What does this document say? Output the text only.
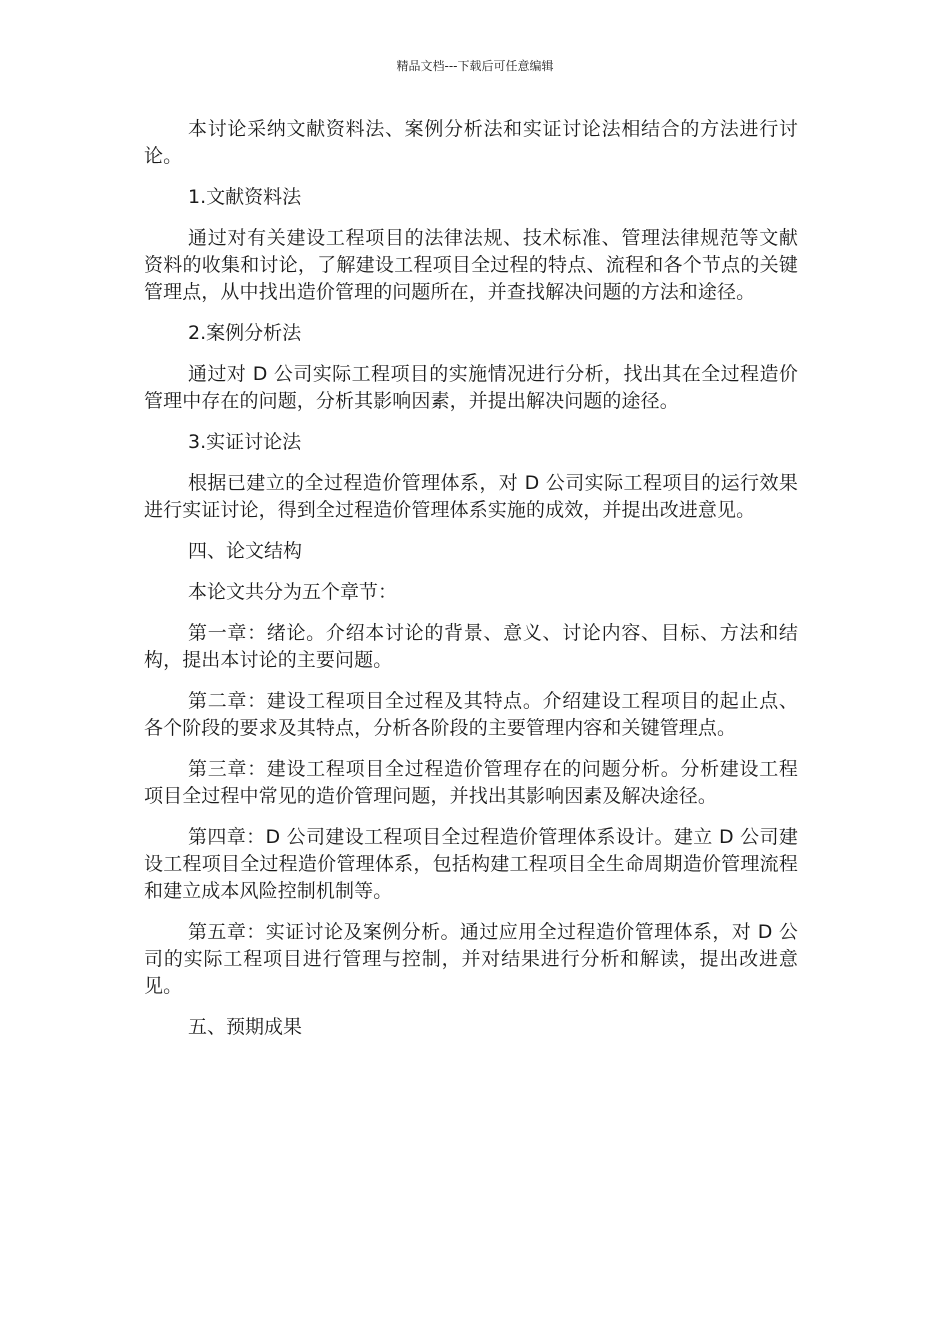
精品文档---下载后可任意编辑

本讨论采纳文献资料法、案例分析法和实证讨论法相结合的方法进行讨论。

1.文献资料法

通过对有关建设工程项目的法律法规、技术标准、管理法律规范等文献资料的收集和讨论，了解建设工程项目全过程的特点、流程和各个节点的关键管理点，从中找出造价管理的问题所在，并查找解决问题的方法和途径。

2.案例分析法

通过对 D 公司实际工程项目的实施情况进行分析，找出其在全过程造价管理中存在的问题，分析其影响因素，并提出解决问题的途径。

3.实证讨论法

根据已建立的全过程造价管理体系，对 D 公司实际工程项目的运行效果进行实证讨论，得到全过程造价管理体系实施的成效，并提出改进意见。

四、论文结构

本论文共分为五个章节：

第一章：绪论。介绍本讨论的背景、意义、讨论内容、目标、方法和结构，提出本讨论的主要问题。

第二章：建设工程项目全过程及其特点。介绍建设工程项目的起止点、各个阶段的要求及其特点，分析各阶段的主要管理内容和关键管理点。

第三章：建设工程项目全过程造价管理存在的问题分析。分析建设工程项目全过程中常见的造价管理问题，并找出其影响因素及解决途径。

第四章：D 公司建设工程项目全过程造价管理体系设计。建立 D 公司建设工程项目全过程造价管理体系，包括构建工程项目全生命周期造价管理流程和建立成本风险控制机制等。

第五章：实证讨论及案例分析。通过应用全过程造价管理体系，对 D 公司的实际工程项目进行管理与控制，并对结果进行分析和解读，提出改进意见。

五、预期成果
